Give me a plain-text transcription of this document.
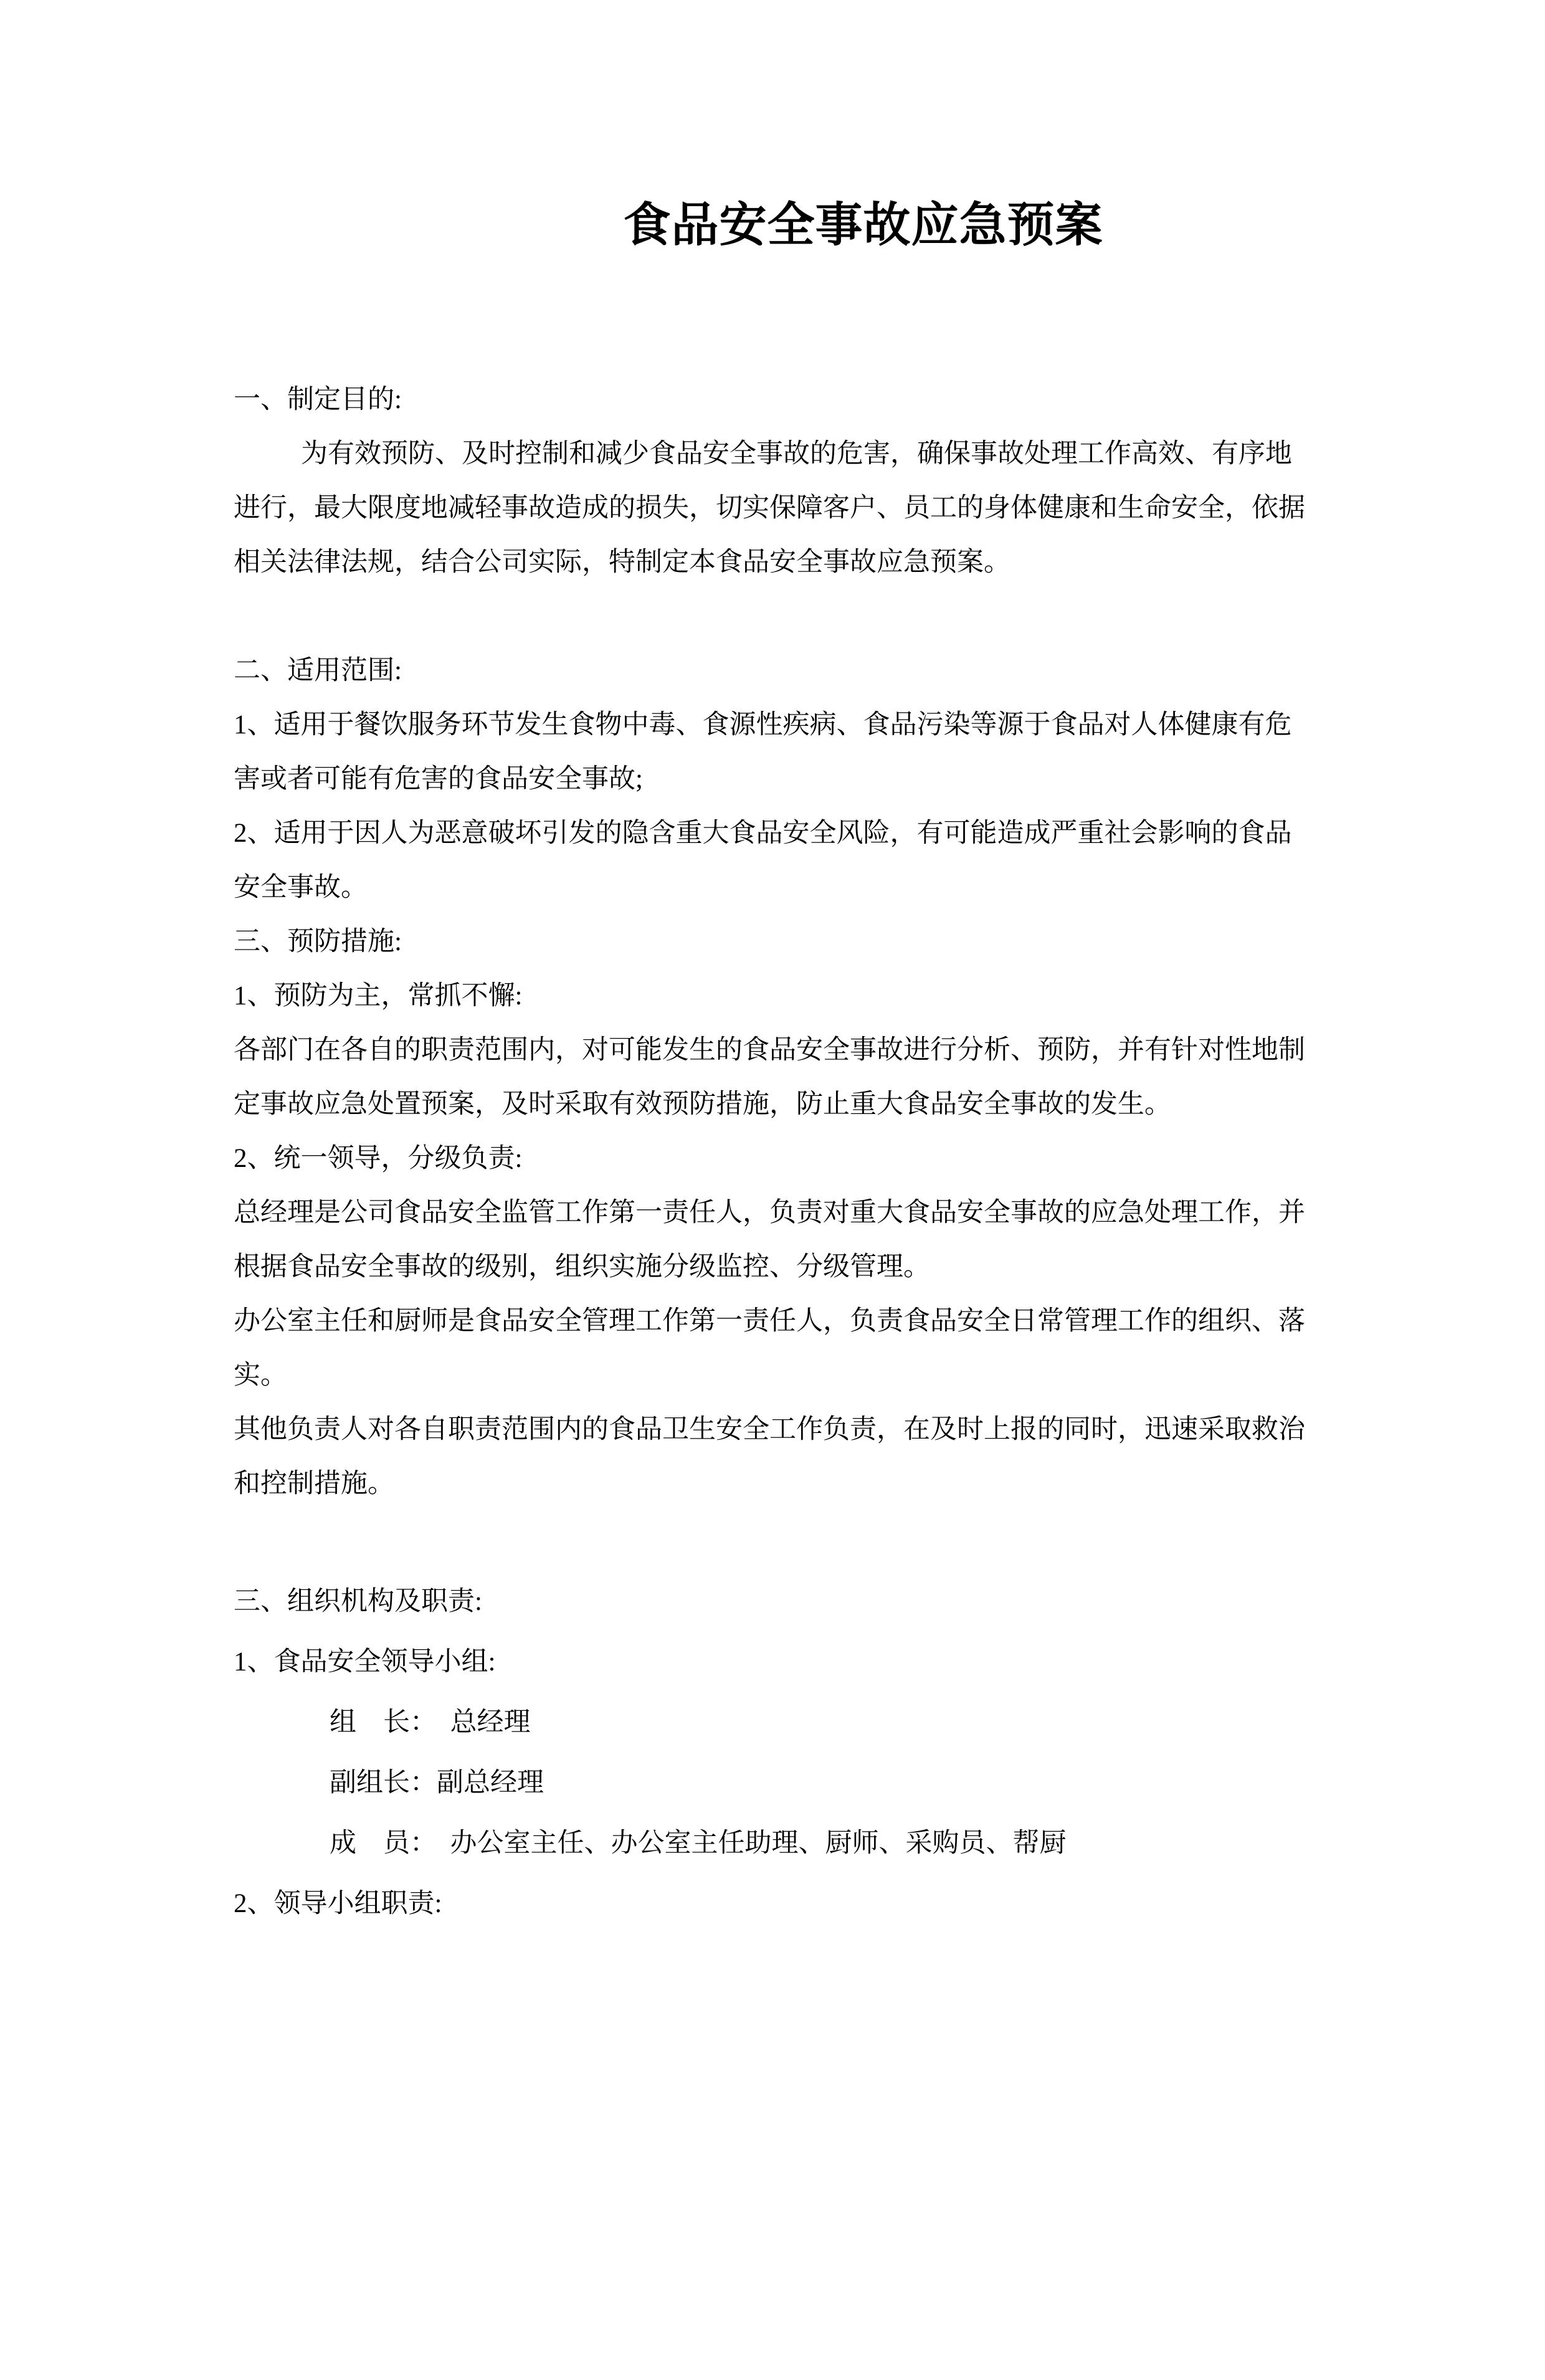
食品安全事故应急预案
一、制定目的:
为有效预防、及时控制和减少食品安全事故的危害，确保事故处理工作高效、有序地
进行，最大限度地减轻事故造成的损失，切实保障客户、员工的身体健康和生命安全，依据
相关法律法规，结合公司实际，特制定本食品安全事故应急预案。
二、适用范围:
1、适用于餐饮服务环节发生食物中毒、食源性疾病、食品污染等源于食品对人体健康有危
害或者可能有危害的食品安全事故;
2、适用于因人为恶意破坏引发的隐含重大食品安全风险，有可能造成严重社会影响的食品
安全事故。
三、预防措施:
1、预防为主，常抓不懈:
各部门在各自的职责范围内，对可能发生的食品安全事故进行分析、预防，并有针对性地制
定事故应急处置预案，及时采取有效预防措施，防止重大食品安全事故的发生。
2、统一领导，分级负责:
总经理是公司食品安全监管工作第一责任人，负责对重大食品安全事故的应急处理工作，并
根据食品安全事故的级别，组织实施分级监控、分级管理。
办公室主任和厨师是食品安全管理工作第一责任人，负责食品安全日常管理工作的组织、落
实。
其他负责人对各自职责范围内的食品卫生安全工作负责，在及时上报的同时，迅速采取救治
和控制措施。
三、组织机构及职责:
1、食品安全领导小组:
组　长：　总经理
副组长：副总经理
成　员：　办公室主任、办公室主任助理、厨师、采购员、帮厨
2、领导小组职责:
